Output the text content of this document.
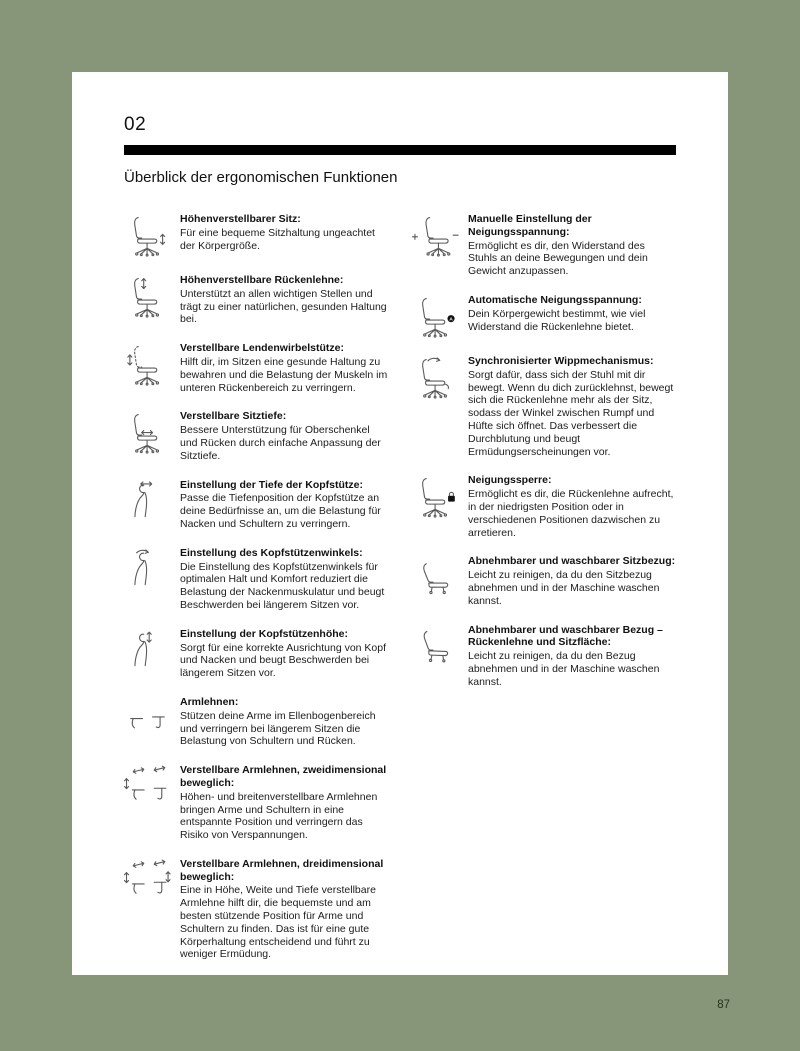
02
Überblick der ergonomischen Funktionen
Höhenverstellbarer Sitz:
Für eine bequeme Sitzhaltung ungeachtet der Körpergröße.
Höhenverstellbare Rückenlehne:
Unterstützt an allen wichtigen Stellen und trägt zu einer natürlichen, gesunden Haltung bei.
Verstellbare Lendenwirbelstütze:
Hilft dir, im Sitzen eine gesunde Haltung zu bewahren und die Belastung der Muskeln im unteren Rückenbereich zu verringern.
Verstellbare Sitztiefe:
Bessere Unterstützung für Oberschenkel und Rücken durch einfache Anpassung der Sitztiefe.
Einstellung der Tiefe der Kopfstütze:
Passe die Tiefenposition der Kopfstütze an deine Bedürfnisse an, um die Belastung für Nacken und Schultern zu verringern.
Einstellung des Kopfstützenwinkels:
Die Einstellung des Kopfstützenwinkels für optimalen Halt und Komfort reduziert die Belastung der Nackenmuskulatur und beugt Beschwerden bei längerem Sitzen vor.
Einstellung der Kopfstützenhöhe:
Sorgt für eine korrekte Ausrichtung von Kopf und Nacken und beugt Beschwerden bei längerem Sitzen vor.
Armlehnen:
Stützen deine Arme im Ellenbogenbereich und verringern bei längerem Sitzen die Belastung von Schultern und Rücken.
Verstellbare Armlehnen, zweidimensional beweglich:
Höhen- und breitenverstellbare Armlehnen bringen Arme und Schultern in eine entspannte Position und verringern das Risiko von Verspannungen.
Verstellbare Armlehnen, dreidimensional beweglich:
Eine in Höhe, Weite und Tiefe verstellbare Armlehne hilft dir, die bequemste und am besten stützende Position für Arme und Schultern zu finden. Das ist für eine gute Körperhaltung entscheidend und führt zu weniger Ermüdung.
Manuelle Einstellung der Neigungsspannung:
Ermöglicht es dir, den Widerstand des Stuhls an deine Bewegungen und dein Gewicht anzupassen.
Automatische Neigungsspannung:
Dein Körpergewicht bestimmt, wie viel Widerstand die Rückenlehne bietet.
Synchronisierter Wippmechanismus:
Sorgt dafür, dass sich der Stuhl mit dir bewegt. Wenn du dich zurücklehnst, bewegt sich die Rückenlehne mehr als der Sitz, sodass der Winkel zwischen Rumpf und Hüfte sich öffnet. Das verbessert die Durchblutung und beugt Ermüdungserscheinungen vor.
Neigungssperre:
Ermöglicht es dir, die Rückenlehne aufrecht, in der niedrigsten Position oder in verschiedenen Positionen dazwischen zu arretieren.
Abnehmbarer und waschbarer Sitzbezug:
Leicht zu reinigen, da du den Sitzbezug abnehmen und in der Maschine waschen kannst.
Abnehmbarer und waschbarer Bezug – Rückenlehne und Sitzfläche:
Leicht zu reinigen, da du den Bezug abnehmen und in der Maschine waschen kannst.
87
